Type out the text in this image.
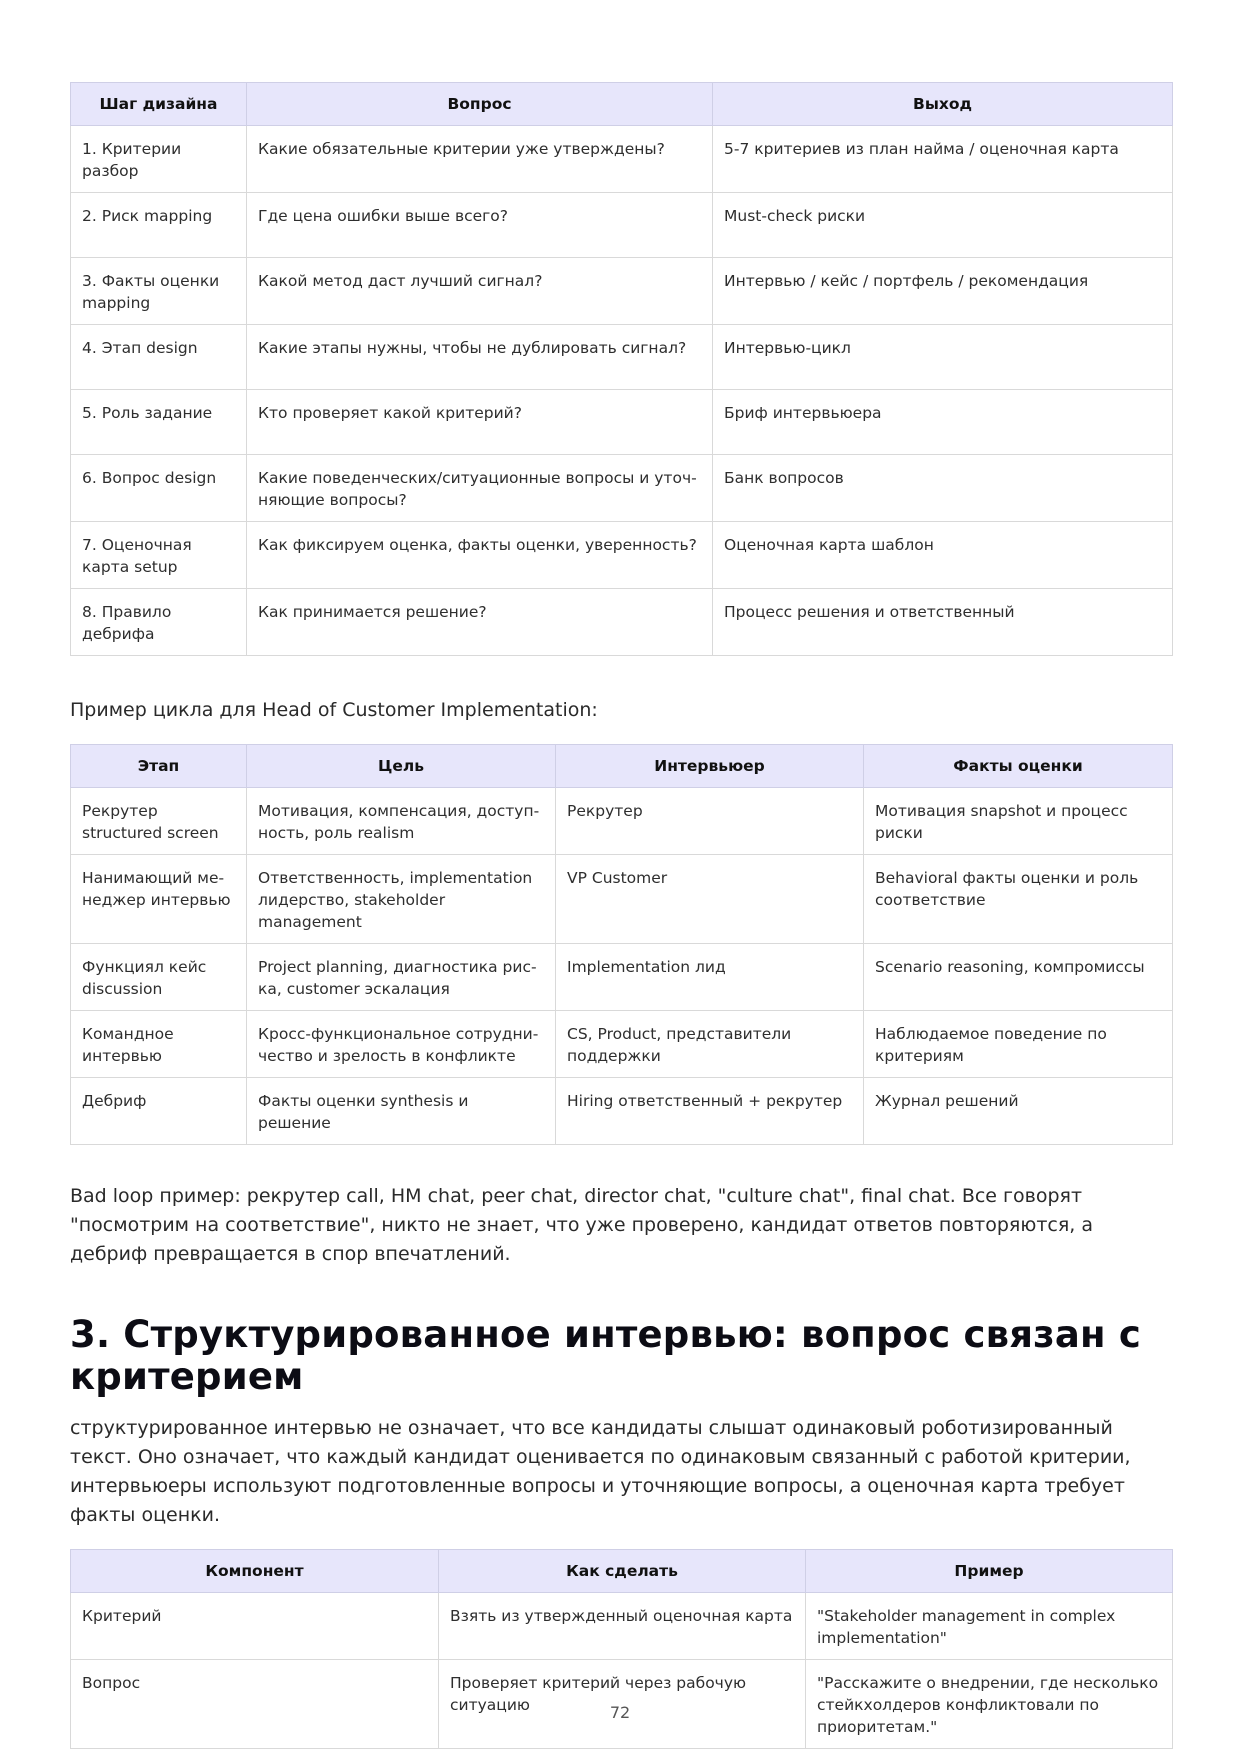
Шаг дизайна	Вопрос	Выход
1. Критерии разбор	Какие обязательные критерии уже утверждены?	5-7 критериев из план найма / оценочная карта
2. Риск mapping	Где цена ошибки выше всего?	Must-check риски
3. Факты оценки mapping	Какой метод даст лучший сигнал?	Интервью / кейс / портфель / рекомендация
4. Этап design	Какие этапы нужны, чтобы не дублировать сигнал?	Интервью-цикл
5. Роль задание	Кто проверяет какой критерий?	Бриф интервьюера
6. Вопрос design	Какие поведенческих/ситуационные вопросы и уточняющие вопросы?	Банк вопросов
7. Оценочная карта setup	Как фиксируем оценка, факты оценки, уверенность?	Оценочная карта шаблон
8. Правило дебрифа	Как принимается решение?	Процесс решения и ответственный

Пример цикла для Head of Customer Implementation:

Этап	Цель	Интервьюер	Факты оценки
Рекрутер structured screen	Мотивация, компенсация, доступность, роль realism	Рекрутер	Мотивация snapshot и процесс риски
Нанимающий менеджер интервью	Ответственность, implementation лидерство, stakeholder management	VP Customer	Behavioral факты оценки и роль соответствие
Функциял кейс discussion	Project planning, диагностика риска, customer эскалация	Implementation лид	Scenario reasoning, компромиссы
Командное интервью	Кросс-функциональное сотрудничество и зрелость в конфликте	CS, Product, представители поддержки	Наблюдаемое поведение по критериям
Дебриф	Факты оценки synthesis и решение	Hiring ответственный + рекрутер	Журнал решений

Bad loop пример: рекрутер call, HM chat, peer chat, director chat, "culture chat", final chat. Все говорят "посмотрим на соответствие", никто не знает, что уже проверено, кандидат ответов повторяются, а дебриф превращается в спор впечатлений.

3. Структурированное интервью: вопрос связан с критерием

структурированное интервью не означает, что все кандидаты слышат одинаковый роботизированный текст. Оно означает, что каждый кандидат оценивается по одинаковым связанный с работой критерии, интервьюеры используют подготовленные вопросы и уточняющие вопросы, а оценочная карта требует факты оценки.

Компонент	Как сделать	Пример
Критерий	Взять из утвержденный оценочная карта	"Stakeholder management in complex implementation"
Вопрос	Проверяет критерий через рабочую ситуацию	"Расскажите о внедрении, где несколько стейкхолдеров конфликтовали по приоритетам."
72
